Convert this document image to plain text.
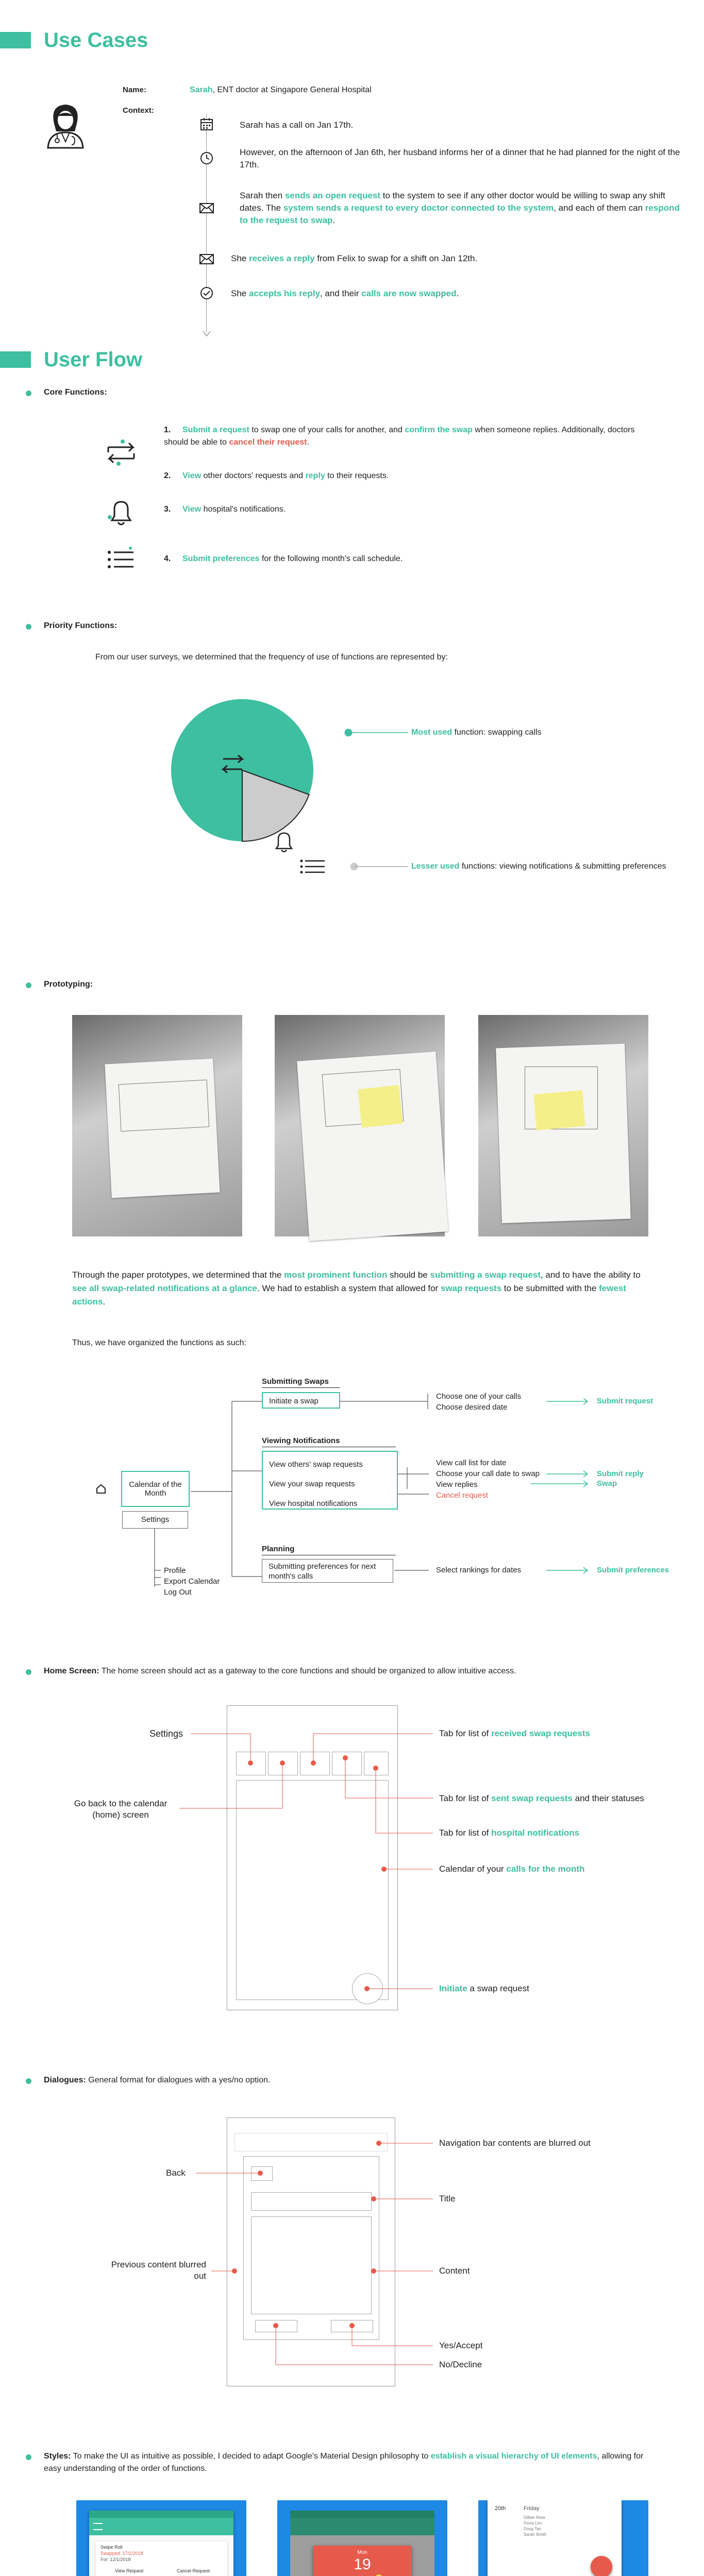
Use Cases
Name:	Sarah, ENT doctor at Singapore General Hospital
Context:
Sarah has a call on Jan 17th.
However, on the afternoon of Jan 6th, her husband informs her of a dinner that he had planned for the night of the 17th.
Sarah then sends an open request to the system to see if any other doctor would be willing to swap any shift dates. The system sends a request to every doctor connected to the system, and each of them can respond to the request to swap.
She receives a reply from Felix to swap for a shift on Jan 12th.
She accepts his reply, and their calls are now swapped.
User Flow
Core Functions:
1. Submit a request to swap one of your calls for another, and confirm the swap when someone replies. Additionally, doctors should be able to cancel their request.
2. View other doctors' requests and reply to their requests.
3. View hospital's notifications.
4. Submit preferences for the following month's call schedule.
Priority Functions:
From our user surveys, we determined that the frequency of use of functions are represented by:
Most used function: swapping calls
Lesser used functions: viewing notifications & submitting preferences
Prototyping:
Through the paper prototypes, we determined that the most prominent function should be submitting a swap request, and to have the ability to see all swap-related notifications at a glance. We had to establish a system that allowed for swap requests to be submitted with the fewest actions.
Thus, we have organized the functions as such:
Calendar of the Month
Settings
Profile
Export Calendar
Log Out
Submitting Swaps
Initiate a swap
Choose one of your calls
Choose desired date
Submit request
Viewing Notifications
View others' swap requests
View your swap requests
View hospital notifications
View call list for date
Choose your call date to swap
View replies
Cancel request
Submit reply
Swap
Planning
Submitting preferences for next month's calls
Select rankings for dates	Submit preferences
Home Screen: The home screen should act as a gateway to the core functions and should be organized to allow intuitive access.
Settings
Go back to the calendar (home) screen
Tab for list of received swap requests
Tab for list of sent swap requests and their statuses
Tab for list of hospital notifications
Calendar of your calls for the month
Initiate a swap request
Dialogues: General format for dialogues with a yes/no option.
Navigation bar contents are blurred out
Back
Title
Previous content blurred out
Content
Yes/Accept
No/Decline
Styles: To make the UI as intuitive as possible, I decided to adapt Google's Material Design philosophy to establish a visual hierarchy of UI elements, allowing for easy understanding of the order of functions.
Swipe Roll
Swapped: 17/1/2018
For: 12/1/2018
View Request	Cancel Request
Mon
19
20th	Friday
Gillian Kiew
Fiona Lim
Doug Tan
Sarah Smith
